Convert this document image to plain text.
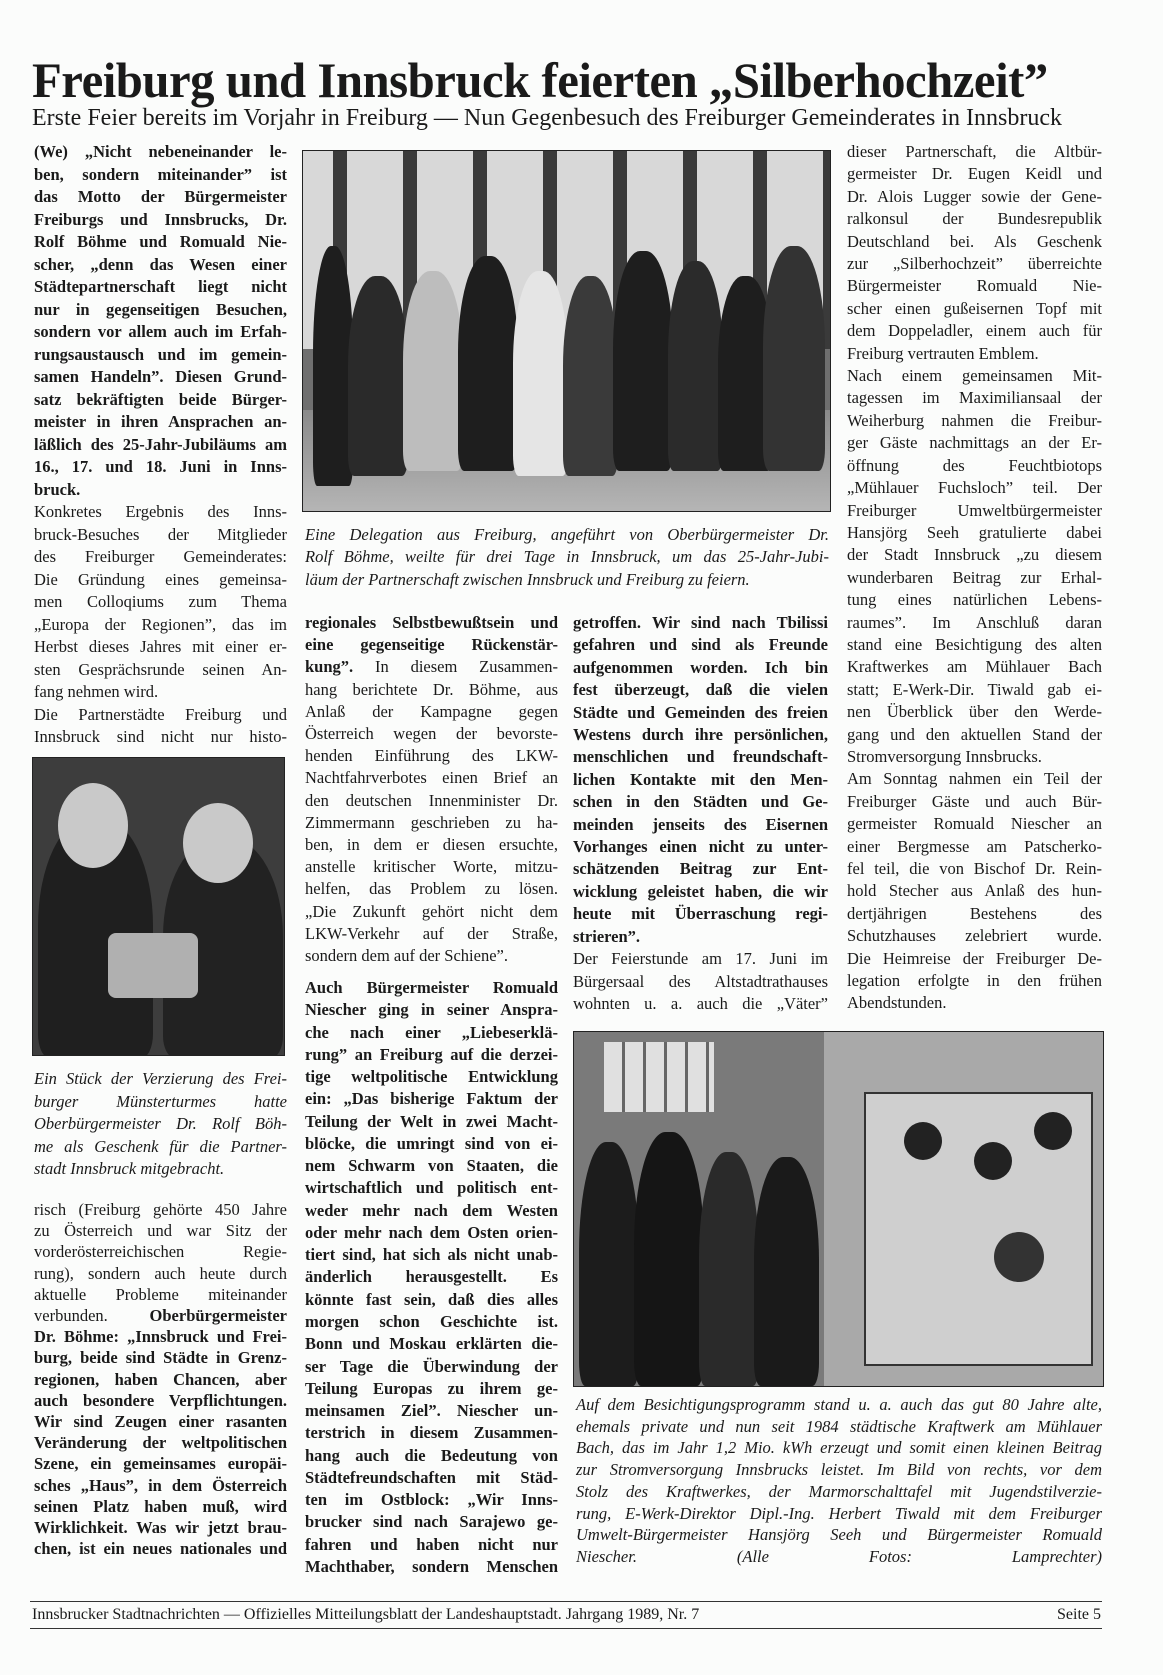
Freiburg und Innsbruck feierten „Silberhochzeit”
Erste Feier bereits im Vorjahr in Freiburg — Nun Gegenbesuch des Freiburger Gemeinderates in Innsbruck
(We) „Nicht nebeneinander le-
ben, sondern miteinander” ist
das Motto der Bürgermeister
Freiburgs und Innsbrucks, Dr.
Rolf Böhme und Romuald Nie-
scher, „denn das Wesen einer
Städtepartnerschaft liegt nicht
nur in gegenseitigen Besuchen,
sondern vor allem auch im Erfah-
rungsaustausch und im gemein-
samen Handeln”. Diesen Grund-
satz bekräftigten beide Bürger-
meister in ihren Ansprachen an-
läßlich des 25-Jahr-Jubiläums am
16., 17. und 18. Juni in Inns-
bruck.
Konkretes Ergebnis des Inns-
bruck-Besuches der Mitglieder
des Freiburger Gemeinderates:
Die Gründung eines gemeinsa-
men Colloqiums zum Thema
„Europa der Regionen”, das im
Herbst dieses Jahres mit einer er-
sten Gesprächsrunde seinen An-
fang nehmen wird.
Die Partnerstädte Freiburg und
Innsbruck sind nicht nur histo-
risch (Freiburg gehörte 450 Jahre
zu Österreich und war Sitz der
vorderösterreichischen Regie-
rung), sondern auch heute durch
aktuelle Probleme miteinander
verbunden. Oberbürgermeister
Dr. Böhme: „Innsbruck und Frei-
burg, beide sind Städte in Grenz-
regionen, haben Chancen, aber
auch besondere Verpflichtungen.
Wir sind Zeugen einer rasanten
Veränderung der weltpolitischen
Szene, ein gemeinsames europäi-
sches „Haus”, in dem Österreich
seinen Platz haben muß, wird
Wirklichkeit. Was wir jetzt brau-
chen, ist ein neues nationales und
regionales Selbstbewußtsein und
eine gegenseitige Rückenstär-
kung”. In diesem Zusammen-
hang berichtete Dr. Böhme, aus
Anlaß der Kampagne gegen
Österreich wegen der bevorste-
henden Einführung des LKW-
Nachtfahrverbotes einen Brief an
den deutschen Innenminister Dr.
Zimmermann geschrieben zu ha-
ben, in dem er diesen ersuchte,
anstelle kritischer Worte, mitzu-
helfen, das Problem zu lösen.
„Die Zukunft gehört nicht dem
LKW-Verkehr auf der Straße,
sondern dem auf der Schiene”.
Auch Bürgermeister Romuald
Niescher ging in seiner Anspra-
che nach einer „Liebeserklä-
rung” an Freiburg auf die derzei-
tige weltpolitische Entwicklung
ein: „Das bisherige Faktum der
Teilung der Welt in zwei Macht-
blöcke, die umringt sind von ei-
nem Schwarm von Staaten, die
wirtschaftlich und politisch ent-
weder mehr nach dem Westen
oder mehr nach dem Osten orien-
tiert sind, hat sich als nicht unab-
änderlich herausgestellt. Es
könnte fast sein, daß dies alles
morgen schon Geschichte ist.
Bonn und Moskau erklärten die-
ser Tage die Überwindung der
Teilung Europas zu ihrem ge-
meinsamen Ziel”. Niescher un-
terstrich in diesem Zusammen-
hang auch die Bedeutung von
Städtefreundschaften mit Städ-
ten im Ostblock: „Wir Inns-
brucker sind nach Sarajewo ge-
fahren und haben nicht nur
Machthaber, sondern Menschen
getroffen. Wir sind nach Tbilissi
gefahren und sind als Freunde
aufgenommen worden. Ich bin
fest überzeugt, daß die vielen
Städte und Gemeinden des freien
Westens durch ihre persönlichen,
menschlichen und freundschaft-
lichen Kontakte mit den Men-
schen in den Städten und Ge-
meinden jenseits des Eisernen
Vorhanges einen nicht zu unter-
schätzenden Beitrag zur Ent-
wicklung geleistet haben, die wir
heute mit Überraschung regi-
strieren”.
Der Feierstunde am 17. Juni im
Bürgersaal des Altstadtrathauses
wohnten u. a. auch die „Väter”
dieser Partnerschaft, die Altbür-
germeister Dr. Eugen Keidl und
Dr. Alois Lugger sowie der Gene-
ralkonsul der Bundesrepublik
Deutschland bei. Als Geschenk
zur „Silberhochzeit” überreichte
Bürgermeister Romuald Nie-
scher einen gußeisernen Topf mit
dem Doppeladler, einem auch für
Freiburg vertrauten Emblem.
Nach einem gemeinsamen Mit-
tagessen im Maximiliansaal der
Weiherburg nahmen die Freibur-
ger Gäste nachmittags an der Er-
öffnung des Feuchtbiotops
„Mühlauer Fuchsloch” teil. Der
Freiburger Umweltbürgermeister
Hansjörg Seeh gratulierte dabei
der Stadt Innsbruck „zu diesem
wunderbaren Beitrag zur Erhal-
tung eines natürlichen Lebens-
raumes”. Im Anschluß daran
stand eine Besichtigung des alten
Kraftwerkes am Mühlauer Bach
statt; E-Werk-Dir. Tiwald gab ei-
nen Überblick über den Werde-
gang und den aktuellen Stand der
Stromversorgung Innsbrucks.
Am Sonntag nahmen ein Teil der
Freiburger Gäste und auch Bür-
germeister Romuald Niescher an
einer Bergmesse am Patscherko-
fel teil, die von Bischof Dr. Rein-
hold Stecher aus Anlaß des hun-
dertjährigen Bestehens des
Schutzhauses zelebriert wurde.
Die Heimreise der Freiburger De-
legation erfolgte in den frühen
Abendstunden.
Eine Delegation aus Freiburg, angeführt von Oberbürgermeister Dr.
Rolf Böhme, weilte für drei Tage in Innsbruck, um das 25-Jahr-Jubi-
läum der Partnerschaft zwischen Innsbruck und Freiburg zu feiern.
Ein Stück der Verzierung des Frei-
burger Münsterturmes hatte
Oberbürgermeister Dr. Rolf Böh-
me als Geschenk für die Partner-
stadt Innsbruck mitgebracht.
Auf dem Besichtigungsprogramm stand u. a. auch das gut 80 Jahre alte,
ehemals private und nun seit 1984 städtische Kraftwerk am Mühlauer
Bach, das im Jahr 1,2 Mio. kWh erzeugt und somit einen kleinen Beitrag
zur Stromversorgung Innsbrucks leistet. Im Bild von rechts, vor dem
Stolz des Kraftwerkes, der Marmorschalttafel mit Jugendstilverzie-
rung, E-Werk-Direktor Dipl.-Ing. Herbert Tiwald mit dem Freiburger
Umwelt-Bürgermeister Hansjörg Seeh und Bürgermeister Romuald
Niescher. (Alle Fotos: Lamprechter)
Innsbrucker Stadtnachrichten — Offizielles Mitteilungsblatt der Landeshauptstadt. Jahrgang 1989, Nr. 7	Seite 5
